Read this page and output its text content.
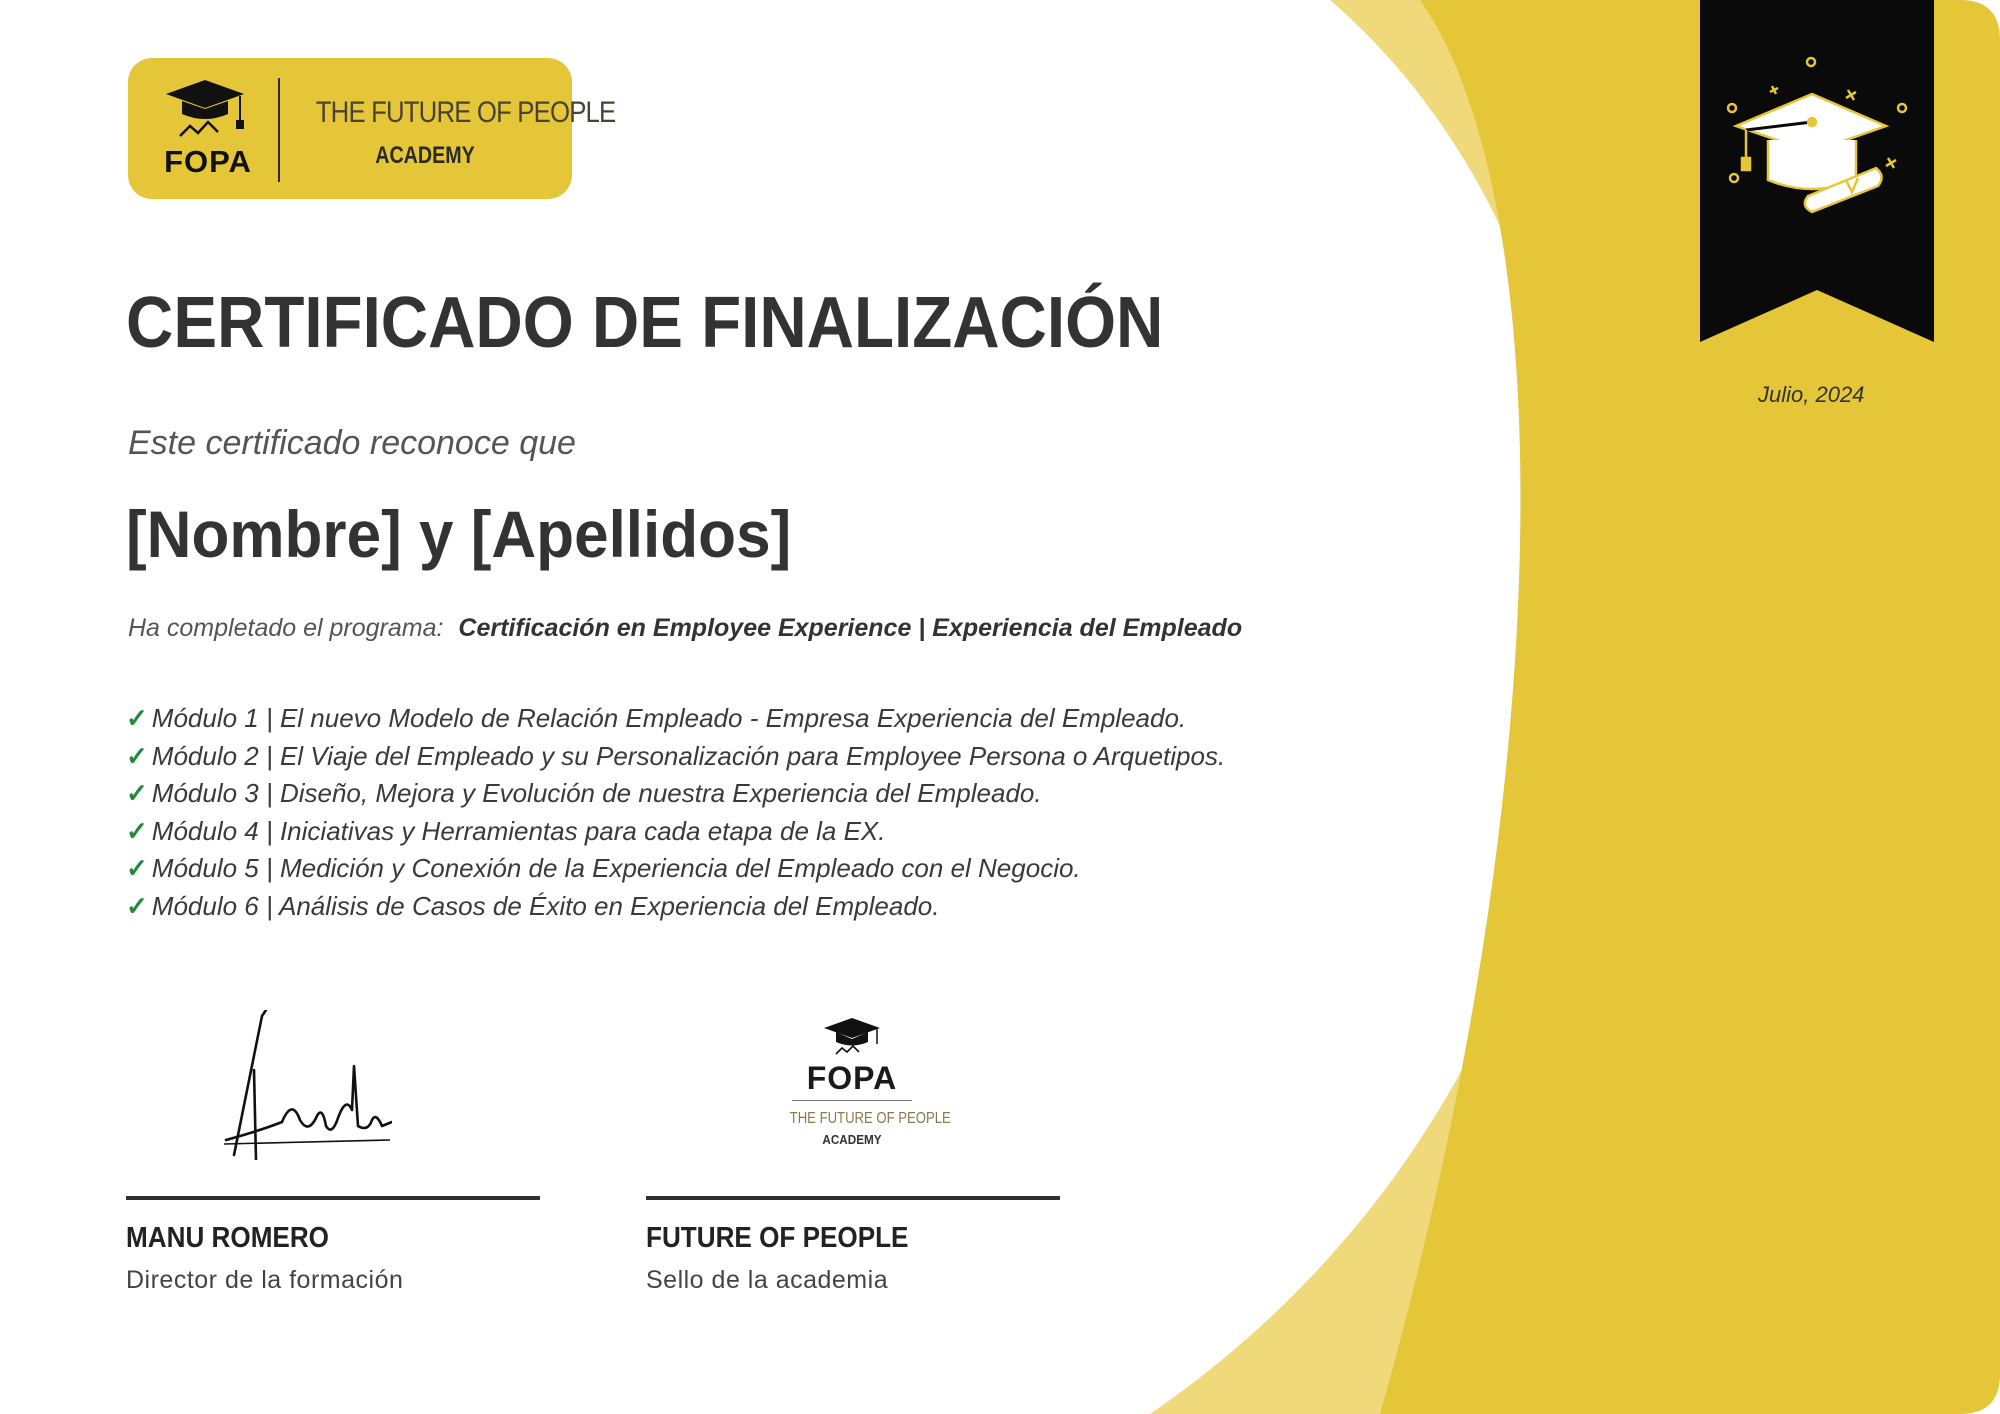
FOPA
THE FUTURE OF PEOPLE
ACADEMY
CERTIFICADO DE FINALIZACIÓN
Este certificado reconoce que
[Nombre] y [Apellidos]
Ha completado el programa: Certificación en Employee Experience | Experiencia del Empleado
✓ Módulo 1 | El nuevo Modelo de Relación Empleado - Empresa Experiencia del Empleado.
✓ Módulo 2 | El Viaje del Empleado y su Personalización para Employee Persona o Arquetipos.
✓ Módulo 3 | Diseño, Mejora y Evolución de nuestra Experiencia del Empleado.
✓ Módulo 4 | Iniciativas y Herramientas para cada etapa de la EX.
✓ Módulo 5 | Medición y Conexión de la Experiencia del Empleado con el Negocio.
✓ Módulo 6 | Análisis de Casos de Éxito en Experiencia del Empleado.
FOPA
THE FUTURE OF PEOPLE
ACADEMY
MANU ROMERO
Director de la formación
FUTURE OF PEOPLE
Sello de la academia
Julio, 2024
